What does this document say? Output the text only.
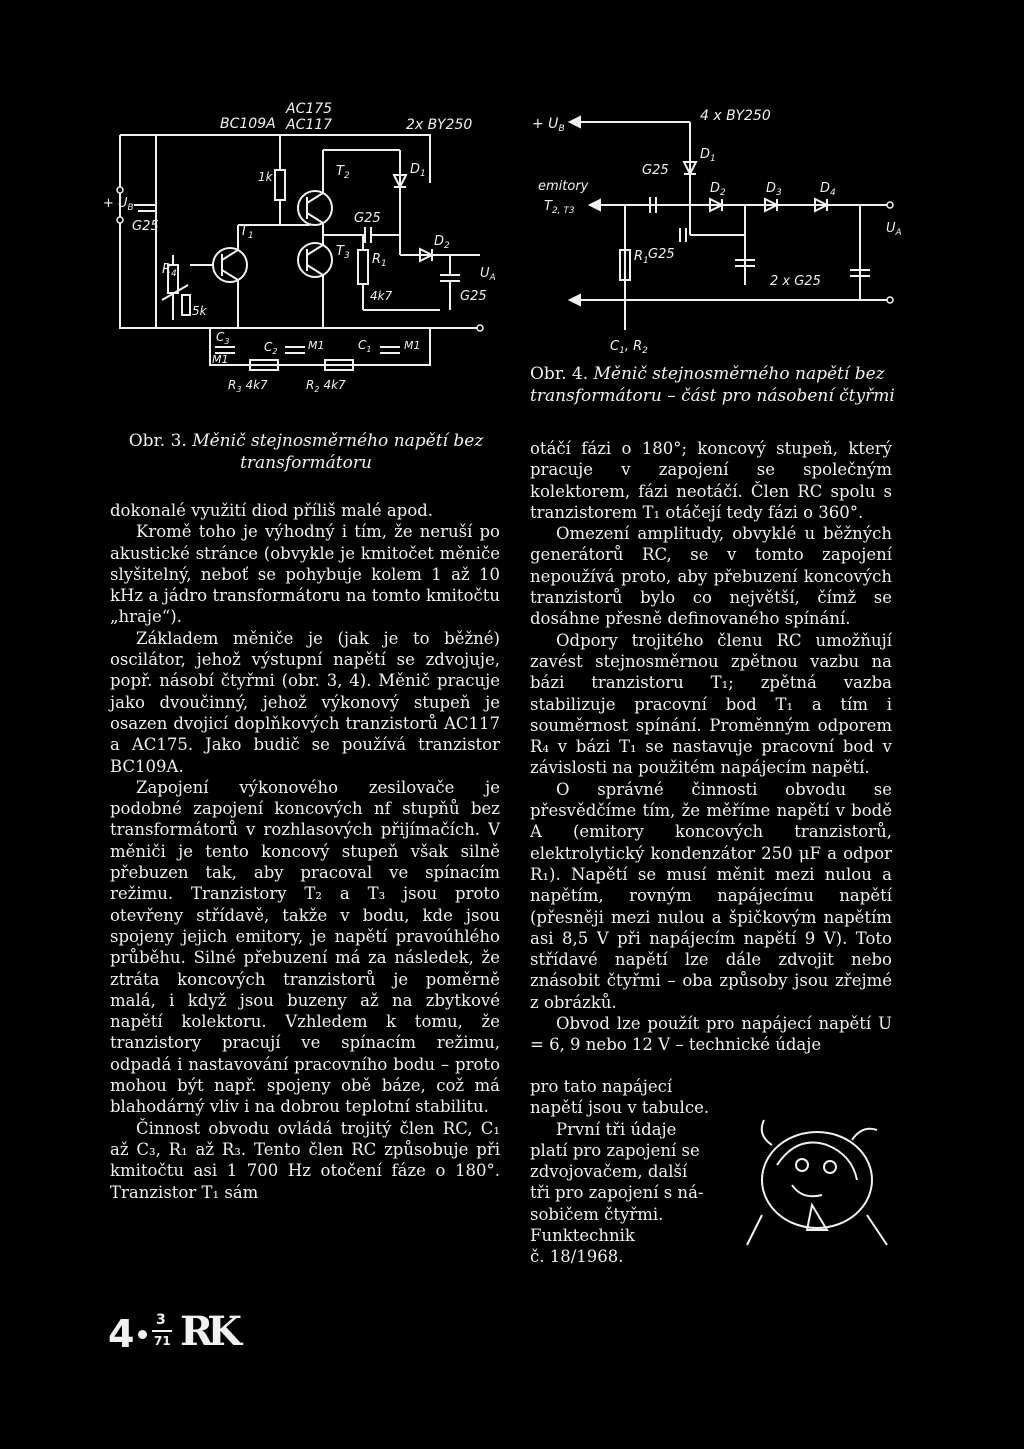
BC109A
AC175
AC117	2x BY250
+ $U_B$
G25
$R_4$
5k
$T_1$
1k	$T_2$
$T_3$
G25
$R_1$
4k7
$D_1$
$D_2$
$U_A$
G25
$C_3$
M1
$C_2$	M1	$C_1$	M1
$R_3$ 4k7	$R_2$ 4k7
Obr. 3. Měnič stejnosměrného napětí bez transformátoru
+ $U_B$
4 x BY250
emitory
$T_{2, T}3$
G25
$D_1$
$D_2$	$D_3$	$D_4$
$U_A$
$R_1$ G25
2 x G25
$C_1$, $R_2$
Obr. 4. Měnič stejnosměrného napětí bez
transformátoru – část pro násobení čtyřmi

dokonalé využití diod příliš malé apod.

Kromě toho je výhodný i tím, že neruší po akustické stránce (obvykle je kmitočet měniče slyšitelný, neboť se pohybuje kolem 1 až 10 kHz a jádro transformátoru na tomto kmitočtu „hraje“).

Základem měniče je (jak je to běžné) oscilátor, jehož výstupní napětí se zdvojuje, popř. násobí čtyřmi (obr. 3, 4). Měnič pracuje jako dvoučinný, jehož výkonový stupeň je osazen dvojicí doplňkových tranzistorů AC117 a AC175. Jako budič se používá tranzistor BC109A.

Zapojení výkonového zesilovače je podobné zapojení koncových nf stupňů bez transformátorů v rozhlasových přijímačích. V měniči je tento koncový stupeň však silně přebuzen tak, aby pracoval ve spínacím režimu. Tranzistory T₂ a T₃ jsou proto otevřeny střídavě, takže v bodu, kde jsou spojeny jejich emitory, je napětí pravoúhlého průběhu. Silné přebuzení má za následek, že ztráta koncových tranzistorů je poměrně malá, i když jsou buzeny až na zbytkové napětí kolektoru. Vzhledem k tomu, že tranzistory pracují ve spínacím režimu, odpadá i nastavování pracovního bodu – proto mohou být např. spojeny obě báze, což má blahodárný vliv i na dobrou teplotní stabilitu.

Činnost obvodu ovládá trojitý člen RC, C₁ až C₃, R₁ až R₃. Tento člen RC způsobuje při kmitočtu asi 1 700 Hz otočení fáze o 180°. Tranzistor T₁ sám

otáčí fázi o 180°; koncový stupeň, který pracuje v zapojení se společným kolektorem, fázi neotáčí. Člen RC spolu s tranzistorem T₁ otáčejí tedy fázi o 360°.

Omezení amplitudy, obvyklé u běžných generátorů RC, se v tomto zapojení nepoužívá proto, aby přebuzení koncových tranzistorů bylo co největší, čímž se dosáhne přesně definovaného spínání.

Odpory trojitého členu RC umožňují zavést stejnosměrnou zpětnou vazbu na bázi tranzistoru T₁; zpětná vazba stabilizuje pracovní bod T₁ a tím i souměrnost spínání. Proměnným odporem R₄ v bázi T₁ se nastavuje pracovní bod v závislosti na použitém napájecím napětí.

O správné činnosti obvodu se přesvědčíme tím, že měříme napětí v bodě A (emitory koncových tranzistorů, elektrolytický kondenzátor 250 μF a odpor R₁). Napětí se musí měnit mezi nulou a napětím, rovným napájecímu napětí (přesněji mezi nulou a špičkovým napětím asi 8,5 V při napájecím napětí 9 V). Toto střídavé napětí lze dále zdvojit nebo znásobit čtyřmi – oba způsoby jsou zřejmé z obrázků.

Obvod lze použít pro napájecí napětí U = 6, 9 nebo 12 V – technické údaje

pro tato napájecí
napětí jsou v tabulce.
První tři údaje
platí pro zapojení se
zdvojovačem, další
tři pro zapojení s ná-
sobičem čtyřmi.
Funktechnik
č. 18/1968.
4 3
71 RK
